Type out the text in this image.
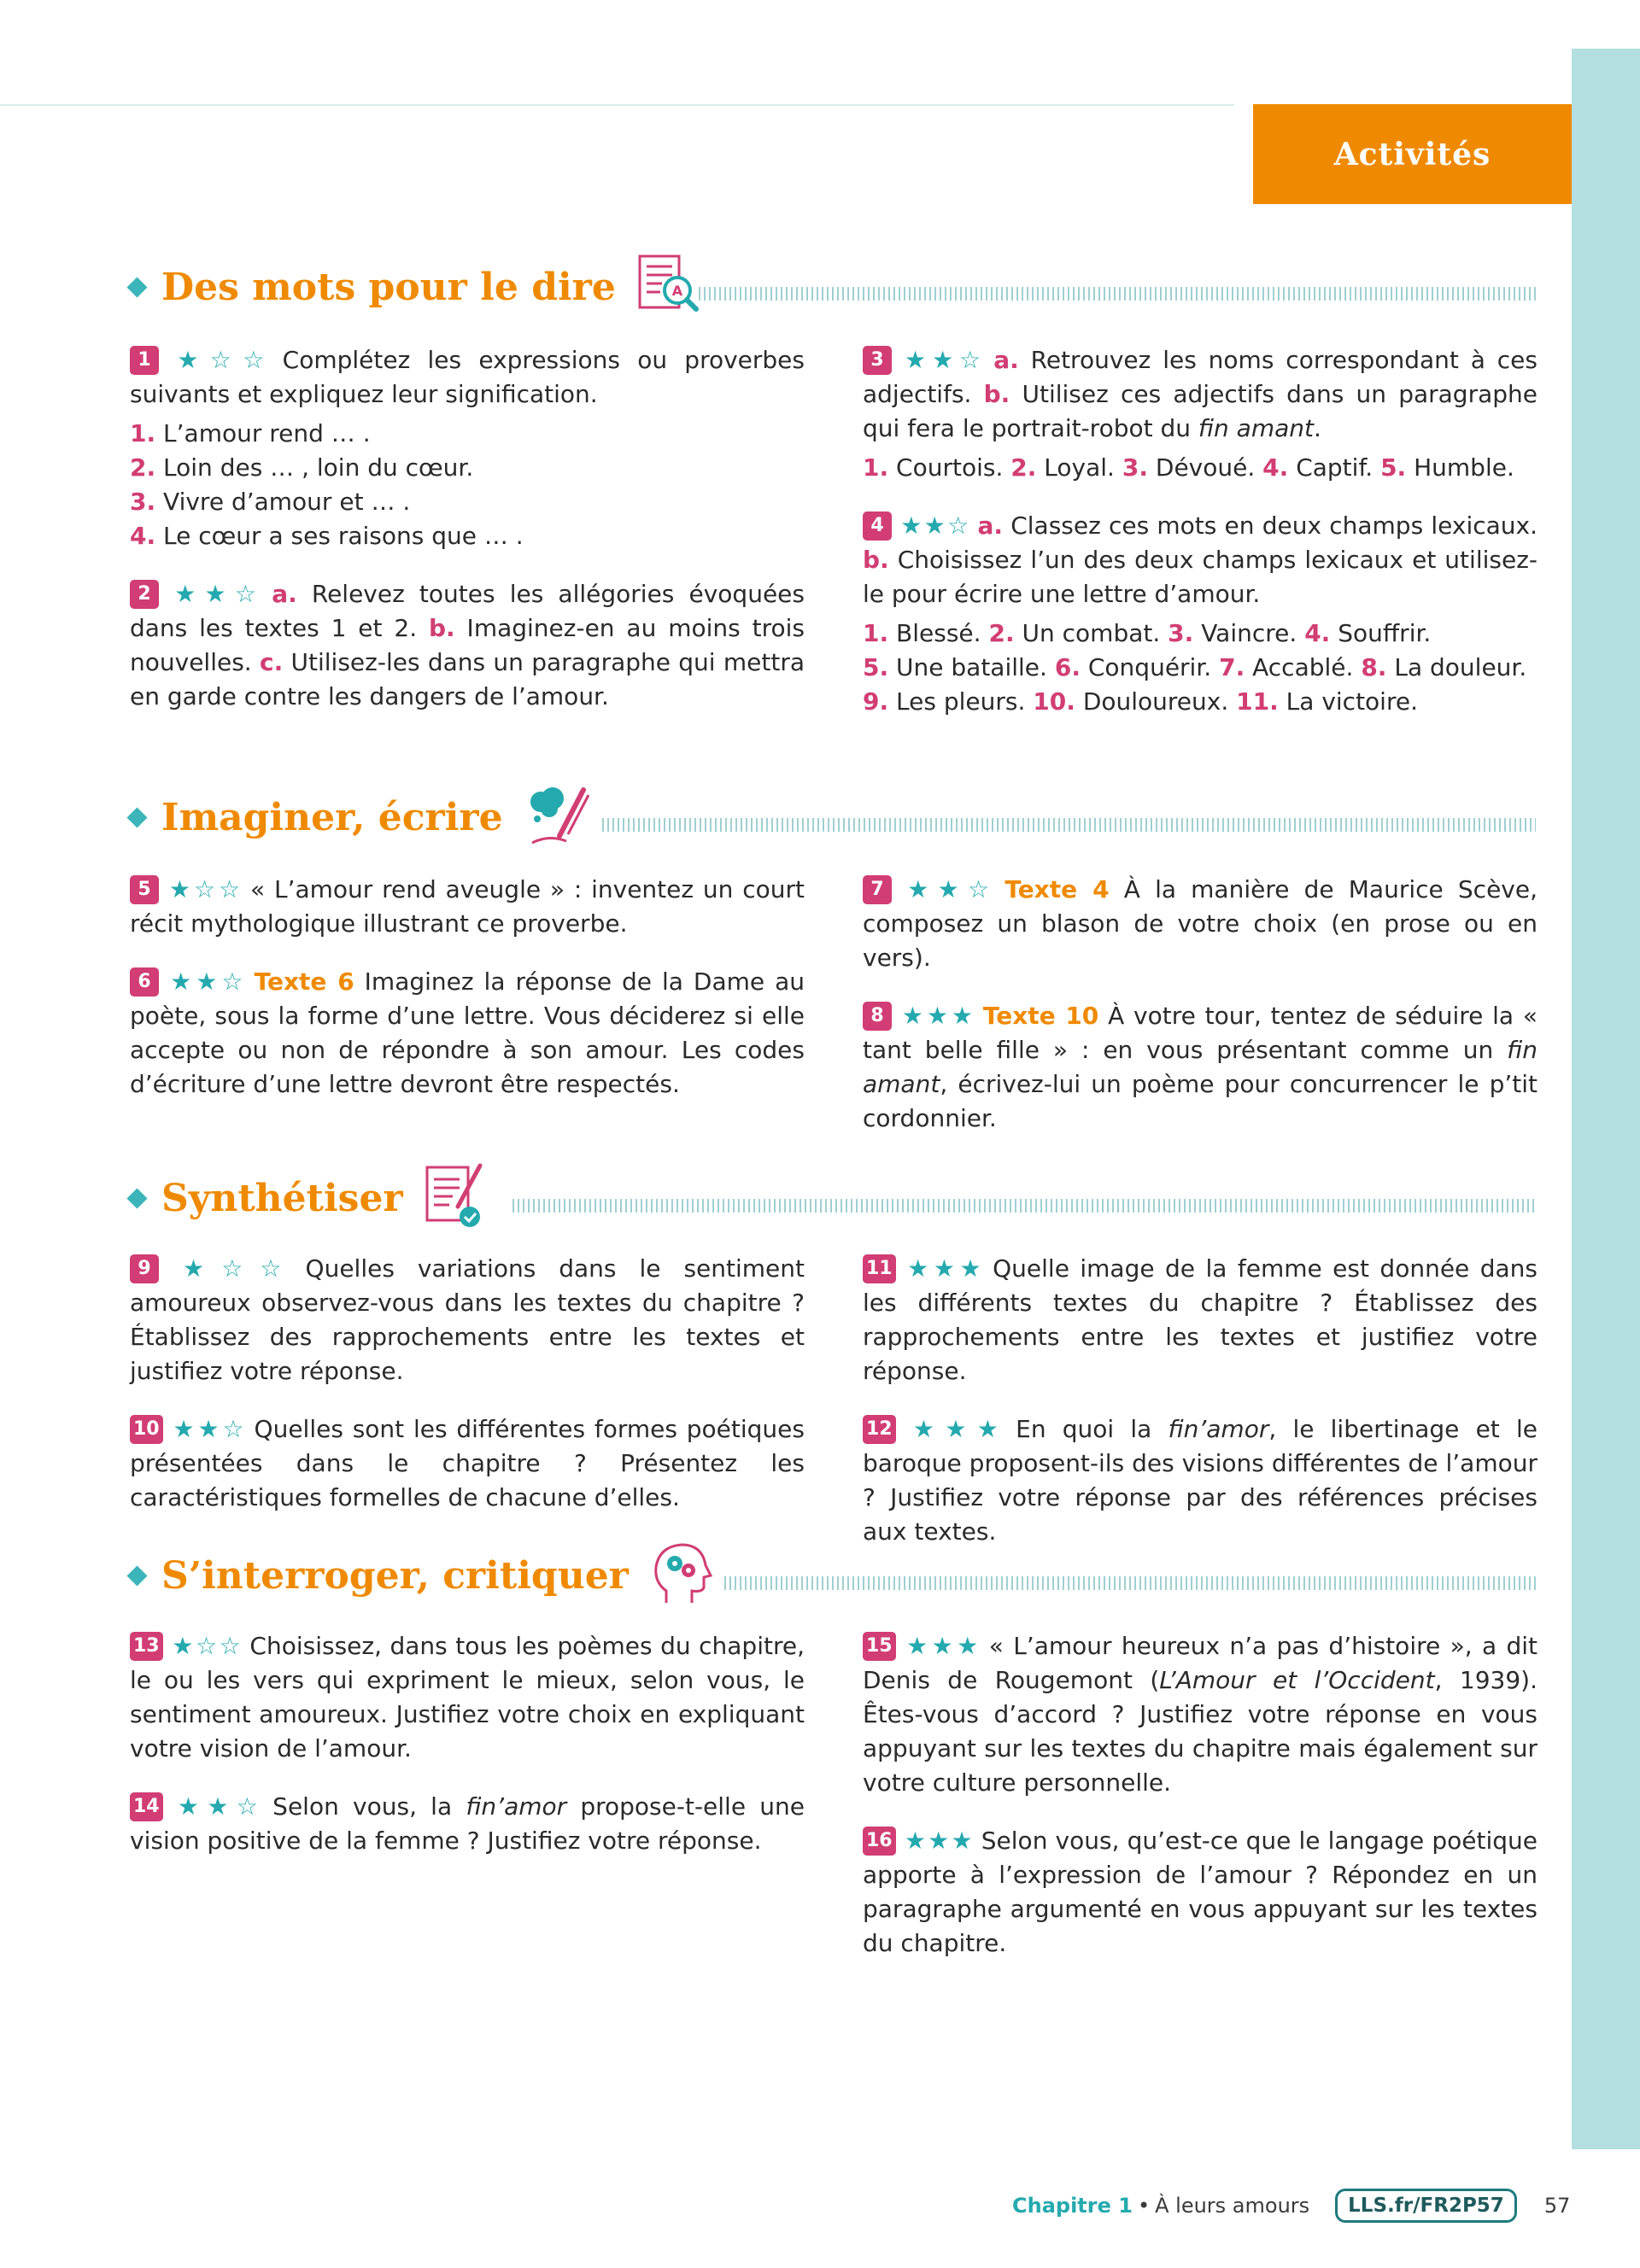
Activités
Des mots pour le dire	A

1 ★☆☆ Complétez les expressions ou proverbes suivants et expliquez leur signification.

1. L’amour rend … .
2. Loin des … , loin du cœur.
3. Vivre d’amour et … .
4. Le cœur a ses raisons que … .

2 ★★☆ a. Relevez toutes les allégories évoquées dans les textes 1 et 2. b. Imaginez-en au moins trois nouvelles. c. Utilisez-les dans un paragraphe qui mettra en garde contre les dangers de l’amour.

3 ★★☆ a. Retrouvez les noms correspondant à ces adjectifs. b. Utilisez ces adjectifs dans un paragraphe qui fera le portrait-robot du fin amant.

1. Courtois. 2. Loyal. 3. Dévoué. 4. Captif. 5. Humble.

4 ★★☆ a. Classez ces mots en deux champs lexicaux. b. Choisissez l’un des deux champs lexicaux et utilisez-le pour écrire une lettre d’amour.

1. Blessé. 2. Un combat. 3. Vaincre. 4. Souffrir.
5. Une bataille. 6. Conquérir. 7. Accablé. 8. La douleur.
9. Les pleurs. 10. Douloureux. 11. La victoire.
Imaginer, écrire

5 ★☆☆ « L’amour rend aveugle » : inventez un court récit mythologique illustrant ce proverbe.

6 ★★☆ Texte 6 Imaginez la réponse de la Dame au poète, sous la forme d’une lettre. Vous déciderez si elle accepte ou non de répondre à son amour. Les codes d’écriture d’une lettre devront être respectés.

7 ★★☆ Texte 4 À la manière de Maurice Scève, composez un blason de votre choix (en prose ou en vers).

8 ★★★ Texte 10 À votre tour, tentez de séduire la « tant belle fille » : en vous présentant comme un fin amant, écrivez-lui un poème pour concurrencer le p’tit cordonnier.

Synthétiser

9 ★☆☆ Quelles variations dans le sentiment amoureux observez-vous dans les textes du chapitre ? Établissez des rapprochements entre les textes et justifiez votre réponse.

10 ★★☆ Quelles sont les différentes formes poétiques présentées dans le chapitre ? Présentez les caractéristiques formelles de chacune d’elles.

11 ★★★ Quelle image de la femme est donnée dans les différents textes du chapitre ? Établissez des rapprochements entre les textes et justifiez votre réponse.

12 ★★★ En quoi la fin’amor, le libertinage et le baroque proposent-ils des visions différentes de l’amour ? Justifiez votre réponse par des références précises aux textes.

S’interroger, critiquer

13 ★☆☆ Choisissez, dans tous les poèmes du chapitre, le ou les vers qui expriment le mieux, selon vous, le sentiment amoureux. Justifiez votre choix en expliquant votre vision de l’amour.

14 ★★☆ Selon vous, la fin’amor propose-t-elle une vision positive de la femme ? Justifiez votre réponse.

15 ★★★ « L’amour heureux n’a pas d’histoire », a dit Denis de Rougemont (L’Amour et l’Occident, 1939). Êtes-vous d’accord ? Justifiez votre réponse en vous appuyant sur les textes du chapitre mais également sur votre culture personnelle.

16 ★★★ Selon vous, qu’est-ce que le langage poétique apporte à l’expression de l’amour ? Répondez en un paragraphe argumenté en vous appuyant sur les textes du chapitre.

Chapitre 1 • À leurs amours	LLS.fr/FR2P57	57
